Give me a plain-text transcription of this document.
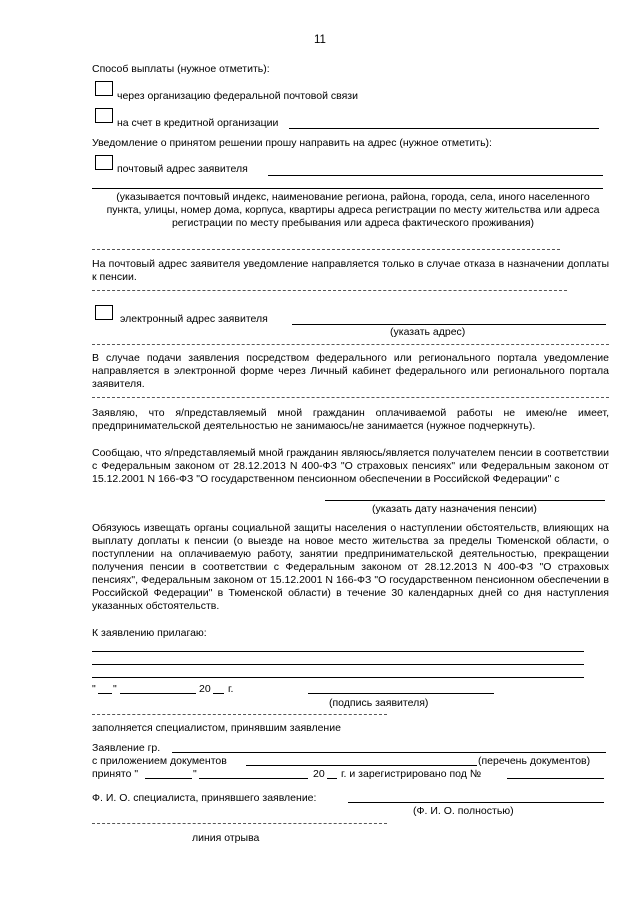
11
Способ выплаты (нужное отметить):
через организацию федеральной почтовой связи
на счет в кредитной организации
Уведомление о принятом решении прошу направить на адрес (нужное отметить):
почтовый адрес заявителя
(указывается почтовый индекс, наименование региона, района, города, села, иного населенного пункта, улицы, номер дома, корпуса, квартиры адреса регистрации по месту жительства или адреса регистрации по месту пребывания или адреса фактического проживания)
На почтовый адрес заявителя уведомление направляется только в случае отказа в назначении доплаты к пенсии.
электронный адрес заявителя
(указать адрес)
В случае подачи заявления посредством федерального или регионального портала уведомление направляется в электронной форме через Личный кабинет федерального или регионального портала заявителя.
Заявляю, что я/представляемый мной гражданин оплачиваемой работы не имею/не имеет, предпринимательской деятельностью не занимаюсь/не занимается (нужное подчеркнуть).
Сообщаю, что я/представляемый мной гражданин являюсь/является получателем пенсии в соответствии с Федеральным законом от 28.12.2013 N 400-ФЗ "О страховых пенсиях" или Федеральным законом от 15.12.2001 N 166-ФЗ "О государственном пенсионном обеспечении в Российской Федерации" с
(указать дату назначения пенсии)
Обязуюсь извещать органы социальной защиты населения о наступлении обстоятельств, влияющих на выплату доплаты к пенсии (о выезде на новое место жительства за пределы Тюменской области, о поступлении на оплачиваемую работу, занятии предпринимательской деятельностью, прекращении получения пенсии в соответствии с Федеральным законом от 28.12.2013 N 400-ФЗ "О страховых пенсиях", Федеральным законом от 15.12.2001 N 166-ФЗ "О государственном пенсионном обеспечении в Российской Федерации" в Тюменской области) в течение 30 календарных дней со дня наступления указанных обстоятельств.
К заявлению прилагаю:
" "	20 г.
(подпись заявителя)
заполняется специалистом, принявшим заявление
Заявление гр.
с приложением документов	(перечень документов)
принято "	"	20 г. и зарегистрировано под №
Ф. И. О. специалиста, принявшего заявление:
(Ф. И. О. полностью)
линия отрыва
